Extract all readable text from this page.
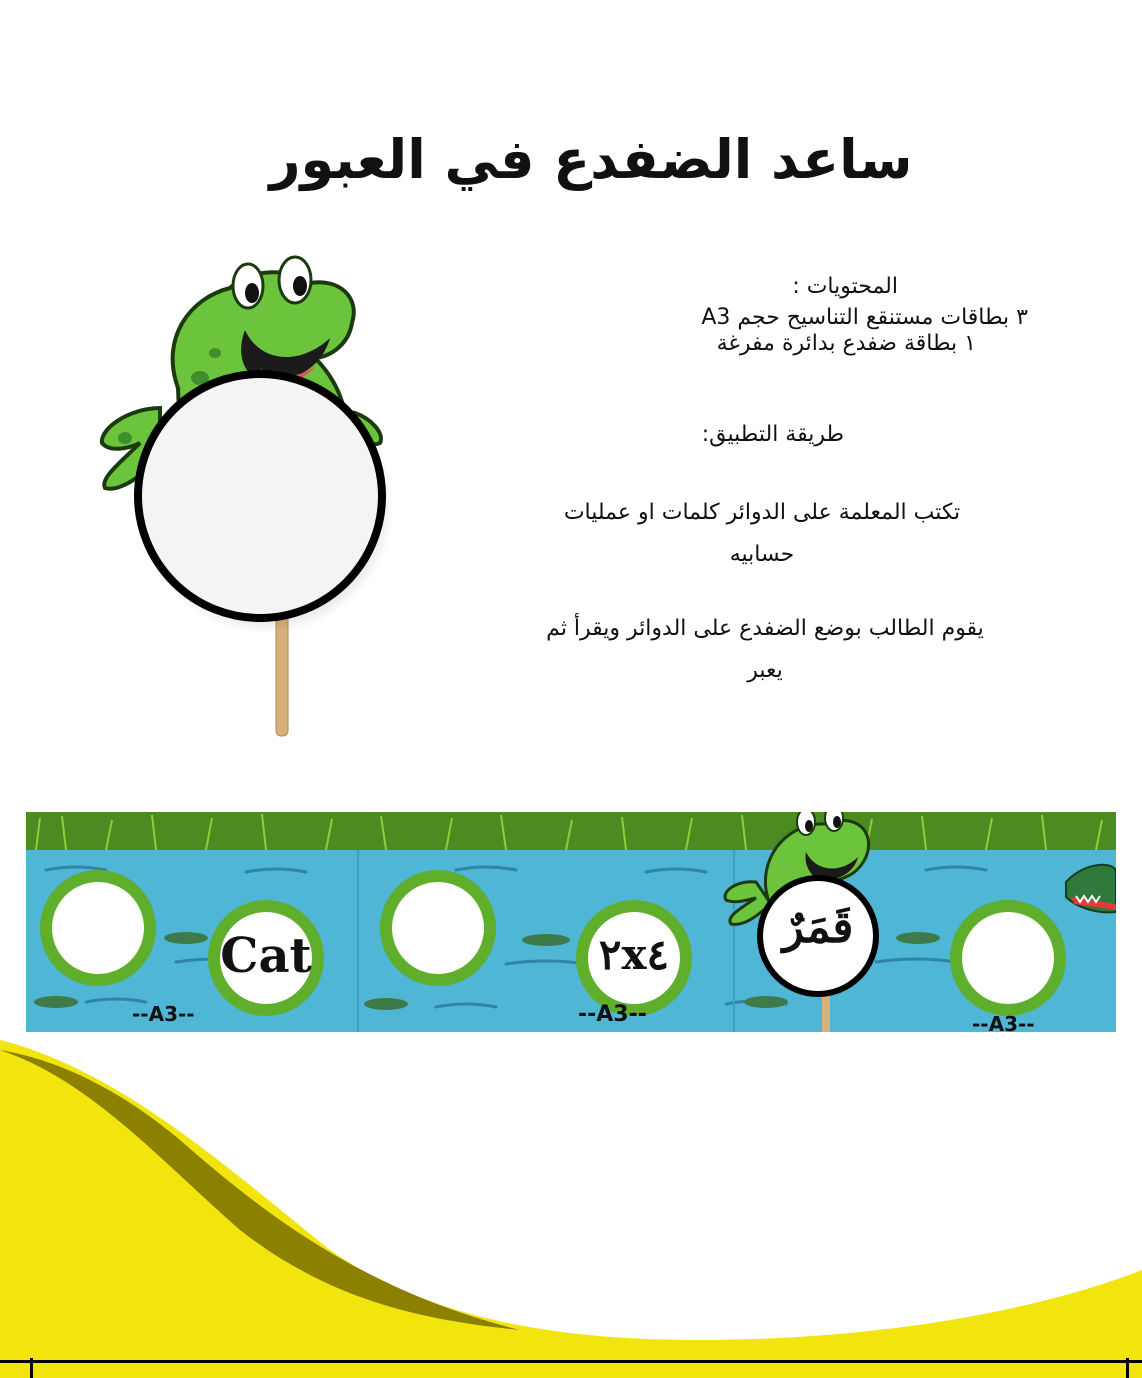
ساعد الضفدع في العبور
المحتويات :
٣ بطاقات مستنقع التناسيح حجم A3
١ بطاقة ضفدع بدائرة مفرغة
طريقة التطبيق:
تكتب المعلمة على الدوائر كلمات او عمليات حسابيه
يقوم الطالب بوضع الضفدع على الدوائر ويقرأ ثم يعبر
Cat	٢x٤
قَمَرٌ
--A3--	--A3--	--A3--
